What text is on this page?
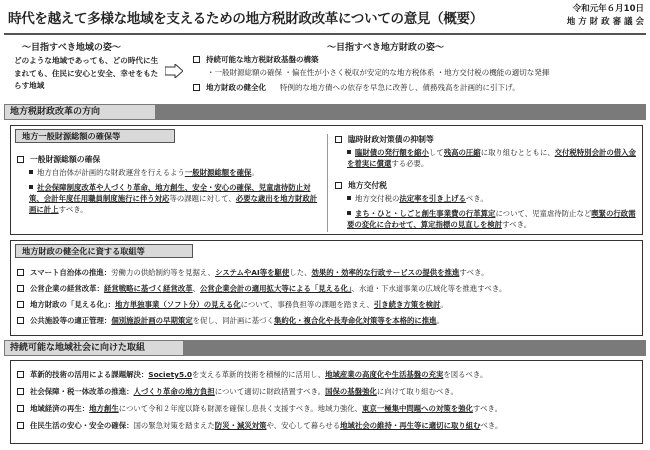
時代を越えて多様な地域を支えるための地方税財政改革についての意見（概要）
令和元年６月10日
地 方 財 政 審 議 会
～目指すべき地域の姿～
どのような地域であっても、どの時代に生まれても、住民に安心と安全、幸せをもたらす地域
～目指すべき地方財政の姿～
持続可能な地方税財政基盤の構築
・一般財源総額の確保 ・偏在性が小さく税収が安定的な地方税体系 ・地方交付税の機能の適切な発揮
地方財政の健全化 特例的な地方債への依存を早急に改善し、債務残高を計画的に引下げ。
地方税財政改革の方向
地方一般財源総額の確保等
一般財源総額の確保
地方自治体が計画的な財政運営を行えるよう一般財源総額を確保。
社会保障制度改革や人づくり革命、地方創生、安全・安心の確保、児童虐待防止対策、会計年度任用職員制度施行に伴う対応等の課題に対して、必要な歳出を地方財政計画に計上すべき。
臨時財政対策債の抑制等
臨財債の発行額を縮小して残高の圧縮に取り組むとともに、交付税特別会計の借入金を着実に償還する必要。
地方交付税
地方交付税の法定率を引き上げるべき。
まち・ひと・しごと創生事業費の行革算定について、児童虐待防止など喫緊の行政需要の変化に合わせて、算定指標の見直しを検討すべき。
地方財政の健全化に資する取組等
スマート自治体の推進：労働力の供給制約等を見据え、システムやAI等を駆使した、効果的・効率的な行政サービスの提供を推進すべき。
公営企業の経営改革：経営戦略に基づく経営改革、公営企業会計の適用拡大等による「見える化」、水道・下水道事業の広域化等を推進すべき。
地方財政の「見える化」：地方単独事業（ソフト分）の見える化について、事務負担等の課題を踏まえ、引き続き方策を検討。
公共施設等の適正管理：個別施設計画の早期策定を促し、同計画に基づく集約化・複合化や長寿命化対策等を本格的に推進。
持続可能な地域社会に向けた取組
革新的技術の活用による課題解決：Society5.0を支える革新的技術を積極的に活用し、地域産業の高度化や生活基盤の充実を図るべき。
社会保障・税一体改革の推進：人づくり革命の地方負担について適切に財政措置すべき。国保の基盤強化に向けて取り組むべき。
地域経済の再生：地方創生について令和２年度以降も財源を確保し息長く支援すべき。地域力強化、東京一極集中問題への対策を強化すべき。
住民生活の安心・安全の確保：国の緊急対策を踏まえた防災・減災対策や、安心して暮らせる地域社会の維持・再生等に適切に取り組むべき。
